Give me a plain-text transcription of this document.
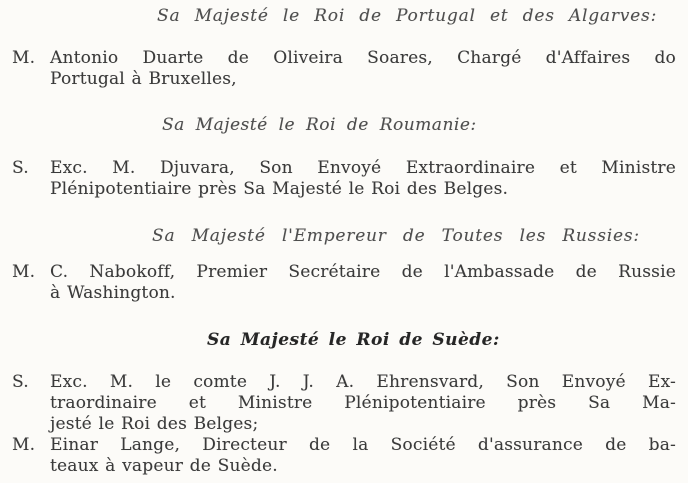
Sa Majesté le Roi de Portugal et des Algarves:
M. Antonio Duarte de Oliveira Soares, Chargé d'Affaires do
Portugal à Bruxelles,
Sa Majesté le Roi de Roumanie:
S. Exc. M. Djuvara, Son Envoyé Extraordinaire et Ministre
Plénipotentiaire près Sa Majesté le Roi des Belges.
Sa Majesté l'Empereur de Toutes les Russies:
M. C. Nabokoff, Premier Secrétaire de l'Ambassade de Russie
à Washington.
Sa Majesté le Roi de Suède:
S. Exc. M. le comte J. J. A. Ehrensvard, Son Envoyé Ex-
traordinaire et Ministre Plénipotentiaire près Sa Ma-
jesté le Roi des Belges;
M. Einar Lange, Directeur de la Société d'assurance de ba-
teaux à vapeur de Suède.
